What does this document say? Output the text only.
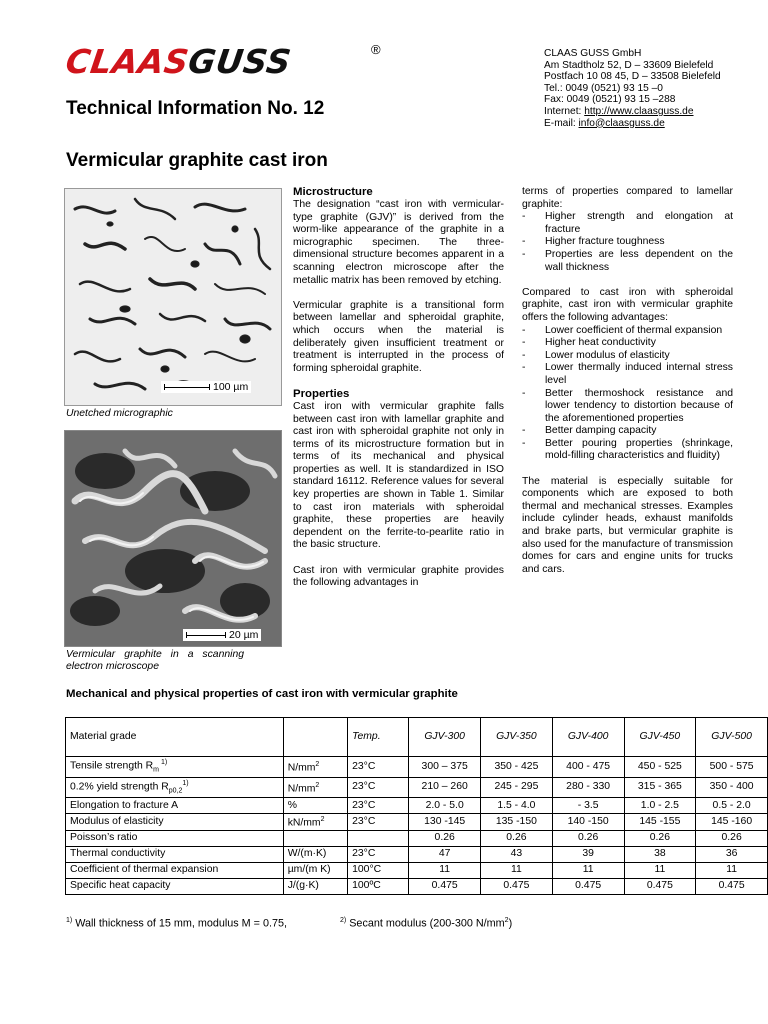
CLAASGUSS	®	CLAAS GUSS GmbH
Am Stadtholz 52, D – 33609 Bielefeld
Postfach 10 08 45, D – 33508 Bielefeld
Tel.: 0049 (0521) 93 15 –0
Fax: 0049 (0521) 93 15 –288
Internet: http://www.claasguss.de
E-mail: info@claasguss.de
Technical Information No. 12
Vermicular graphite cast iron
100 µm
Unetched micrographic
20 µm
Vermicular graphite in a scanning electron microscope
Microstructure

The designation “cast iron with vermicular-type graphite (GJV)” is derived from the worm-like appearance of the graphite in a micrographic specimen. The three-dimensional structure becomes apparent in a scanning electron microscope after the metallic matrix has been removed by etching.

Vermicular graphite is a transitional form between lamellar and spheroidal graphite, which occurs when the material is deliberately given insufficient treatment or treatment is interrupted in the process of forming spheroidal graphite.

Properties

Cast iron with vermicular graphite falls between cast iron with lamellar graphite and cast iron with spheroidal graphite not only in terms of its microstructure formation but in terms of its mechanical and physical properties as well. It is standardized in ISO standard 16112. Reference values for several key properties are shown in Table 1. Similar to cast iron materials with spheroidal graphite, these properties are heavily dependent on the ferrite-to-pearlite ratio in the basic structure.

Cast iron with vermicular graphite provides the following advantages in

terms of properties compared to lamellar graphite:

- Higher strength and elongation at fracture
- Higher fracture toughness
- Properties are less dependent on the wall thickness

Compared to cast iron with spheroidal graphite, cast iron with vermicular graphite offers the following advantages:

- Lower coefficient of thermal expansion
- Higher heat conductivity
- Lower modulus of elasticity
- Lower thermally induced internal stress level
- Better thermoshock resistance and lower tendency to distortion because of the aforementioned properties
- Better damping capacity
- Better pouring properties (shrinkage, mold-filling characteristics and fluidity)

The material is especially suitable for components which are exposed to both thermal and mechanical stresses. Examples include cylinder heads, exhaust manifolds and brake parts, but vermicular graphite is also used for the manufacture of transmission domes for cars and engine units for trucks and cars.

Mechanical and physical properties of cast iron with vermicular graphite
Material grade		Temp.	GJV-300	GJV-350	GJV-400	GJV-450	GJV-500
Tensile strength $R_m$ $^{1)}$	$N/mm^2$	23°C	300 – 375	350 - 425	400 - 475	450 - 525	500 - 575
0.2% yield strength $R_{p0,2}^{1)}$	$N/mm^2$	23°C	210 – 260	245 - 295	280 - 330	315 - 365	350 - 400
Elongation to fracture A	%	23°C	2.0 - 5.0	1.5 - 4.0	- 3.5	1.0 - 2.5	0.5 - 2.0
Modulus of elasticity	$kN/mm^2$	23°C	130 -145	135 -150	140 -150	145 -155	145 -160
Poisson’s ratio			0.26	0.26	0.26	0.26	0.26
Thermal conductivity	W/(m·K)	23°C	47	43	39	38	36
Coefficient of thermal expansion	µm/(m K)	100°C	11	11	11	11	11
Specific heat capacity	J/(g·K)	100ºC	0.475	0.475	0.475	0.475	0.475
$^{1)}$ Wall thickness of 15 mm, modulus M = 0.75,	$^{2)}$ Secant modulus (200-300 $N/mm^2$)
